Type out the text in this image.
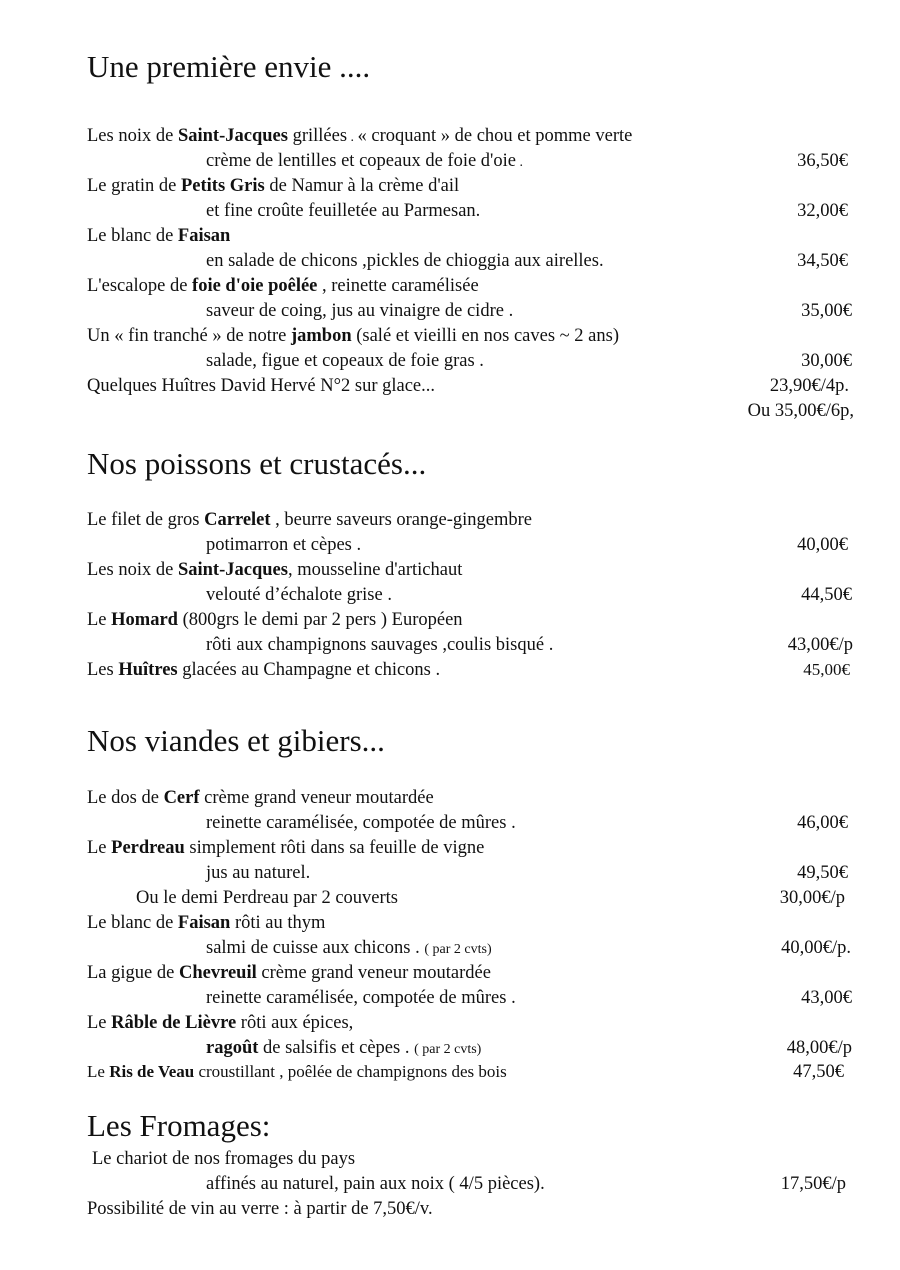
Une première envie ....
Les noix de Saint-Jacques grillées . « croquant » de chou et pomme verte
crème de lentilles et copeaux de foie d'oie .	36,50€
Le gratin de Petits Gris de Namur à la crème d'ail
et fine croûte feuilletée au Parmesan.	32,00€
Le blanc de Faisan
en salade de chicons ,pickles de chioggia aux airelles.	34,50€
L'escalope de foie d'oie poêlée , reinette caramélisée
saveur de coing, jus au vinaigre de cidre .	35,00€
Un « fin tranché » de notre jambon (salé et vieilli en nos caves ~ 2 ans)
salade, figue et copeaux de foie gras .	30,00€
Quelques Huîtres David Hervé N°2 sur glace...	23,90€/4p.
Ou 35,00€/6p,
Nos poissons et crustacés...
Le filet de gros Carrelet , beurre saveurs orange-gingembre
potimarron et cèpes .	40,00€
Les noix de Saint-Jacques, mousseline d'artichaut
velouté d’échalote grise .	44,50€
Le Homard (800grs le demi par 2 pers ) Européen
rôti aux champignons sauvages ,coulis bisqué .	43,00€/p
Les Huîtres glacées au Champagne et chicons .	45,00€
Nos viandes et gibiers...
Le dos de Cerf crème grand veneur moutardée
reinette caramélisée, compotée de mûres .	46,00€
Le Perdreau simplement rôti dans sa feuille de vigne
jus au naturel.	49,50€
Ou le demi Perdreau par 2 couverts	30,00€/p
Le blanc de Faisan rôti au thym
salmi de cuisse aux chicons . ( par 2 cvts)	40,00€/p.
La gigue de Chevreuil crème grand veneur moutardée
reinette caramélisée, compotée de mûres .	43,00€
Le Râble de Lièvre rôti aux épices,
ragoût de salsifis et cèpes . ( par 2 cvts)	48,00€/p
Le Ris de Veau croustillant , poêlée de champignons des bois	47,50€
Les Fromages:
Le chariot de nos fromages du pays
affinés au naturel, pain aux noix ( 4/5 pièces).	17,50€/p
Possibilité de vin au verre : à partir de 7,50€/v.
